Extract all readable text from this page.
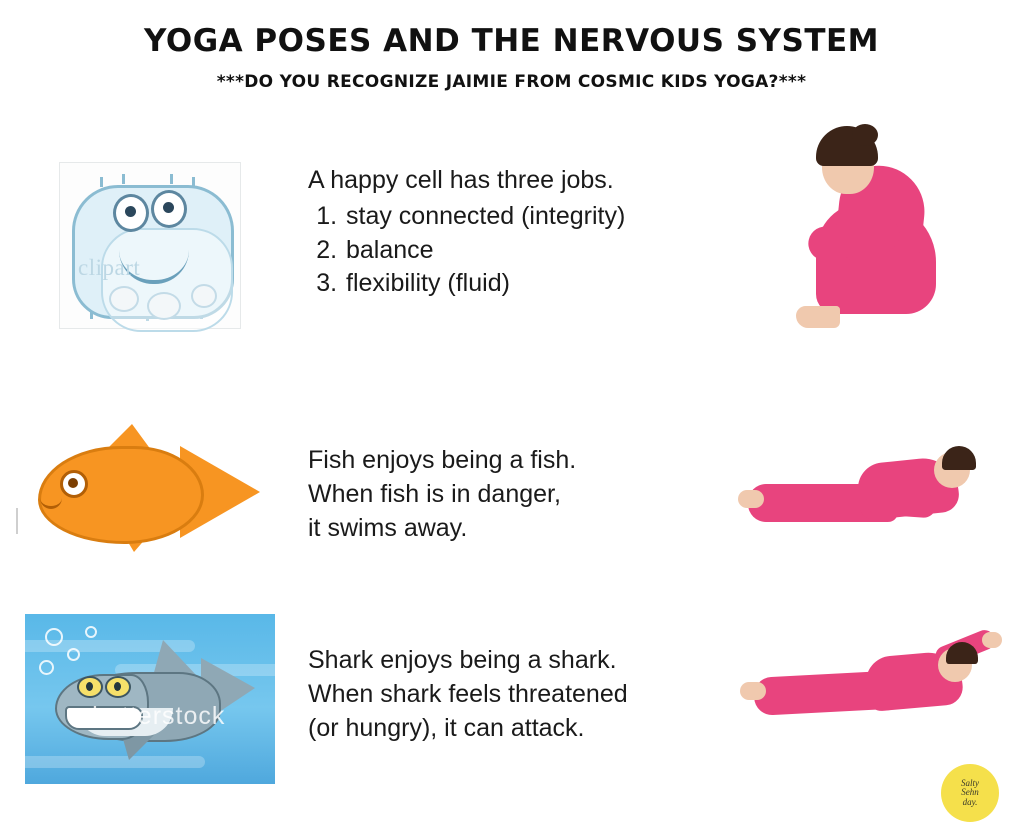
YOGA POSES AND THE NERVOUS SYSTEM
***DO YOU RECOGNIZE JAIMIE FROM COSMIC KIDS YOGA?***
clipart
A happy cell has three jobs.
1. stay connected (integrity)
2. balance
3. flexibility (fluid)
Fish enjoys being a fish.
When fish is in danger,
it swims away.
shutterstock
Shark enjoys being a shark.
When shark feels threatened
(or hungry), it can attack.
Salty
Sehn
day.
